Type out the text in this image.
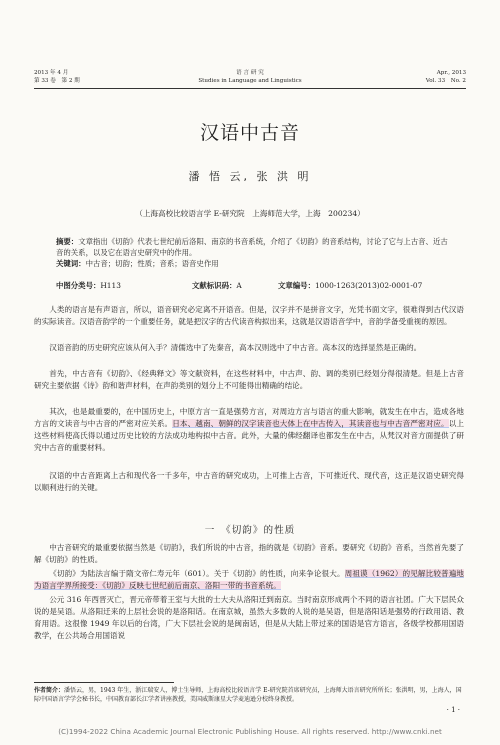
2013 年 4 月
第 33 卷　第 2 期
语 言 研 究
Studies in Language and Linguistics
Apr., 2013
Vol. 33　No. 2
汉语中古音
潘 悟 云, 张 洪 明
（上海高校比较语言学 E-研究院　上海师范大学，上海　200234）
摘要：文章指出《切韵》代表七世纪前后洛阳、南京的书音系统，介绍了《切韵》的音系结构，讨论了它与上古音、近古音的关系，以及它在语言史研究中的作用。
关键词：中古音；切韵；性质；音系；语音史作用
中图分类号：H113	文献标识码：A	文章编号：1000-1263(2013)02-0001-07
人类的语言是有声语言，所以，语音研究必定离不开语音。但是，汉字并不是拼音文字，光凭书面文字，很难得到古代汉语的实际读音。汉语音韵学的一个重要任务，就是把汉字的古代读音构拟出来，这就是汉语语音学中，音韵学备受重视的原因。
汉语音韵的历史研究应该从何入手？清儒选中了先秦音，高本汉则选中了中古音。高本汉的选择显然是正确的。
首先，中古音有《切韵》、《经典释文》等文献资料，在这些材料中，中古声、韵、调的类别已经划分得很清楚。但是上古音研究主要依据《诗》韵和谐声材料，在声韵类别的划分上不可能得出精确的结论。
其次，也是最重要的，在中国历史上，中原方言一直是强势方言，对周边方言与语言的重大影响，就发生在中古，造成各地方言的文读音与中古音的严密对应关系。日本、越南、朝鲜的汉字读音也大体上在中古传入，其读音也与中古音严密对应。以上这些材料使高氏得以通过历史比较的方法成功地构拟中古音。此外，大量的佛经翻译也都发生在中古，从梵汉对音方面提供了研究中古音的重要材料。
汉语的中古音距离上古和现代各一千多年，中古音的研究成功，上可推上古音，下可推近代、现代音，这正是汉语史研究得以顺利进行的关键。
一　 《切韵》的性质
中古音研究的最重要依据当然是《切韵》，我们所说的中古音，指的就是《切韵》音系。要研究《切韵》音系，当然首先要了解《切韵》的性质。
《切韵》为陆法言编于隋文帝仁寿元年（601）。关于《切韵》的性质，向来争论很大。周祖谟（1962）的见解比较普遍地为语言学界所接受：《切韵》反映七世纪前后南京、洛阳一带的书音系统。
公元 316 年西晋灭亡，晋元帝带着王室与大批的士大夫从洛阳迁到南京。当时南京形成两个不同的语言社团。广大下层民众说的是吴语。从洛阳迁来的上层社会说的是洛阳话。在南京城，虽然大多数的人说的是吴语，但是洛阳话是强势的行政用语、教育用语。这很像 1949 年以后的台湾，广大下层社会说的是闽南话，但是从大陆上带过来的国语是官方语言，各级学校都用国语教学，在公共场合用国语说
作者简介：潘悟云，男，1943 年生，浙江瑞安人，博士生导师，上海高校比较语言学 E-研究院首席研究员，上海师大语言研究所所长；张洪明，男，上海人，国际中国语言学学会秘书长，中国教育部长江学者讲座教授，美国威斯康星大学麦迪逊分校终身教授。
· 1 ·
(C)1994-2022 China Academic Journal Electronic Publishing House. All rights reserved. http://www.cnki.net
